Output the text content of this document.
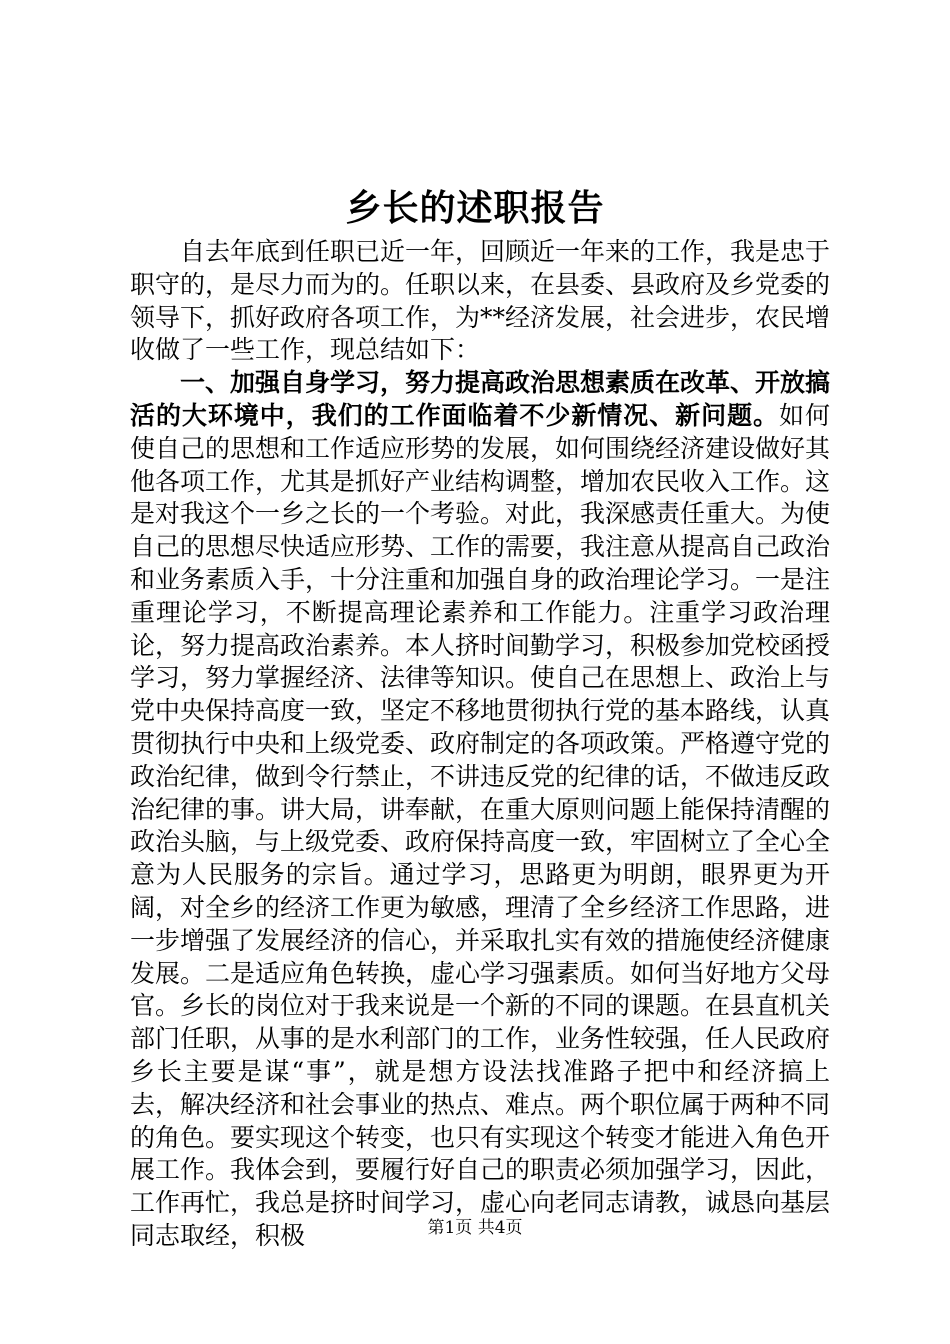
乡长的述职报告

自去年底到任职已近一年，回顾近一年来的工作，我是忠于职守的，是尽力而为的。任职以来，在县委、县政府及乡党委的领导下，抓好政府各项工作，为**经济发展，社会进步，农民增收做了一些工作，现总结如下：

一、加强自身学习，努力提高政治思想素质在改革、开放搞活的大环境中，我们的工作面临着不少新情况、新问题。如何使自己的思想和工作适应形势的发展，如何围绕经济建设做好其他各项工作，尤其是抓好产业结构调整，增加农民收入工作。这是对我这个一乡之长的一个考验。对此，我深感责任重大。为使自己的思想尽快适应形势、工作的需要，我注意从提高自己政治和业务素质入手，十分注重和加强自身的政治理论学习。一是注重理论学习，不断提高理论素养和工作能力。注重学习政治理论，努力提高政治素养。本人挤时间勤学习，积极参加党校函授学习，努力掌握经济、法律等知识。使自己在思想上、政治上与党中央保持高度一致，坚定不移地贯彻执行党的基本路线，认真贯彻执行中央和上级党委、政府制定的各项政策。严格遵守党的政治纪律，做到令行禁止，不讲违反党的纪律的话，不做违反政治纪律的事。讲大局，讲奉献，在重大原则问题上能保持清醒的政治头脑，与上级党委、政府保持高度一致，牢固树立了全心全意为人民服务的宗旨。通过学习，思路更为明朗，眼界更为开阔，对全乡的经济工作更为敏感，理清了全乡经济工作思路，进一步增强了发展经济的信心，并采取扎实有效的措施使经济健康发展。二是适应角色转换，虚心学习强素质。如何当好地方父母官。乡长的岗位对于我来说是一个新的不同的课题。在县直机关部门任职，从事的是水利部门的工作，业务性较强，任人民政府乡长主要是谋“事”，就是想方设法找准路子把中和经济搞上去，解决经济和社会事业的热点、难点。两个职位属于两种不同的角色。要实现这个转变，也只有实现这个转变才能进入角色开展工作。我体会到，要履行好自己的职责必须加强学习，因此，工作再忙，我总是挤时间学习，虚心向老同志请教，诚恳向基层同志取经，积极	第1页 共4页
